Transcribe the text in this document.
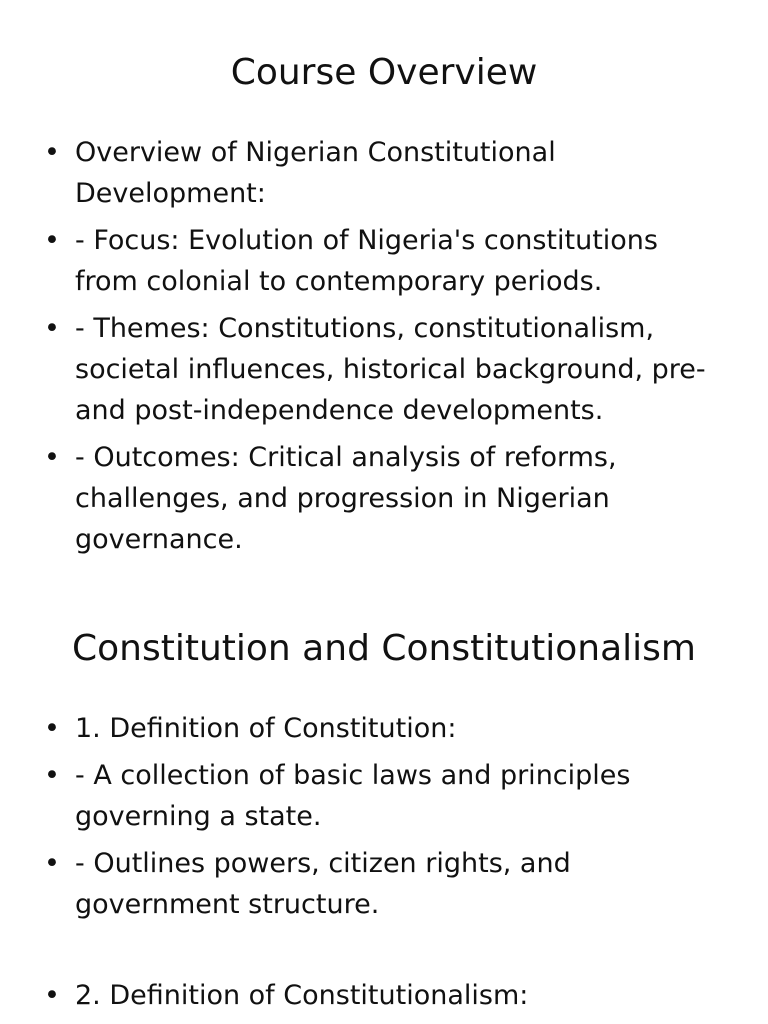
Course Overview
• Overview of Nigerian Constitutional Development:
• - Focus: Evolution of Nigeria's constitutions from colonial to contemporary periods.
• - Themes: Constitutions, constitutionalism, societal influences, historical background, pre- and post-independence developments.
• - Outcomes: Critical analysis of reforms, challenges, and progression in Nigerian governance.
Constitution and Constitutionalism
• 1. Definition of Constitution:
• - A collection of basic laws and principles governing a state.
• - Outlines powers, citizen rights, and government structure.
• 2. Definition of Constitutionalism:
